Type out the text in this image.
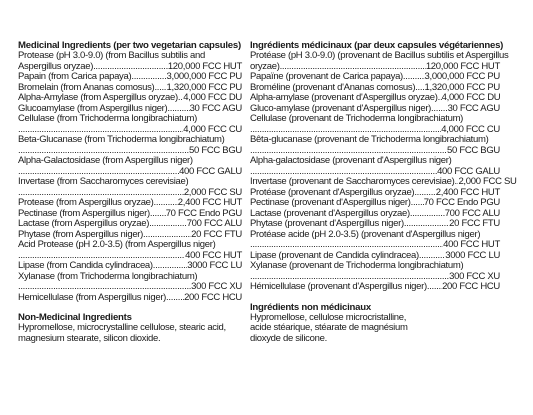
Medicinal Ingredients (per two vegetarian capsules)
Protease (pH 3.0-9.0) (from Bacillus subtilis and
Aspergillus oryzae) .....	120,000 FCC HUT
Papain (from Carica papaya) .....	3,000,000 FCC PU
Bromelain (from Ananas comosus) ..... 1,320,000 FCC PU
Alpha-Amylase (from Aspergillus oryzae) ..... 4,000 FCC DU
Glucoamylase (from Aspergillus niger) ..... 30 FCC AGU
Cellulase (from Trichoderma longibrachiatum)
.....
4,000 FCC CU
Beta-Glucanase (from Trichoderma longibrachiatum)
.....
50 FCC BGU
Alpha-Galactosidase (from Aspergillus niger)
.....
400 FCC GALU
Invertase (from Saccharomyces cerevisiae)
.....
2,000 FCC SU
Protease (from Aspergillus oryzae) .....	2,400 FCC HUT
Pectinase (from Aspergillus niger) ..... 70 FCC Endo PGU
Lactase (from Aspergillus oryzae) .....	700 FCC ALU
Phytase (from Aspergillus niger) .....	20 FCC FTU
Acid Protease (pH 2.0-3.5) (from Aspergillus niger)
.....
400 FCC HUT
Lipase (from Candida cylindracea) .....	3000 FCC LU
Xylanase (from Trichoderma longibrachiatum)
.....
300 FCC XU
Hemicellulase (from Aspergillus niger) ..... 200 FCC HCU
Non-Medicinal Ingredients
Hypromellose, microcrystalline cellulose, stearic acid,
magnesium stearate, silicon dioxide.
Ingrédients médicinaux (par deux capsules végétariennes)
Protéase (pH 3.0-9.0) (provenant de Bacillus subtilis et Aspergillus
oryzae) .....	120,000 FCC HUT
Papaïne (provenant de Carica papaya) ..... 3,000,000 FCC PU
Broméline (provenant d'Ananas comosus) ..... 1,320,000 FCC PU
Alpha-amylase (provenant d'Aspergillus oryzae) ..... 4,000 FCC DU
Gluco-amylase (provenant d'Aspergillus niger) ..... 30 FCC AGU
Cellulase (provenant de Trichoderma longibrachiatum)
.....
4,000 FCC CU
Bêta-glucanase (provenant de Trichoderma longibrachiatum)
.....
50 FCC BGU
Alpha-galactosidase (provenant d'Aspergillus niger)
.....
400 FCC GALU
Invertase (provenant de Saccharomyces cerevisiae) ..... 2,000 FCC SU
Protéase (provenant d'Aspergillus oryzae) ..... 2,400 FCC HUT
Pectinase (provenant d'Aspergillus niger) ..... 70 FCC Endo PGU
Lactase (provenant d'Aspergillus oryzae) .....	700 FCC ALU
Phytase (provenant d'Aspergillus niger) .....	20 FCC FTU
Protéase acide (pH 2.0-3.5) (provenant d'Aspergillus niger)
.....
400 FCC HUT
Lipase (provenant de Candida cylindracea) .....	3000 FCC LU
Xylanase (provenant de Trichoderma longibrachiatum)
.....
300 FCC XU
Hémicellulase (provenant d'Aspergillus niger) ..... 200 FCC HCU
Ingrédients non médicinaux
Hypromellose, cellulose microcristalline,
acide stéarique, stéarate de magnésium
dioxyde de silicone.
